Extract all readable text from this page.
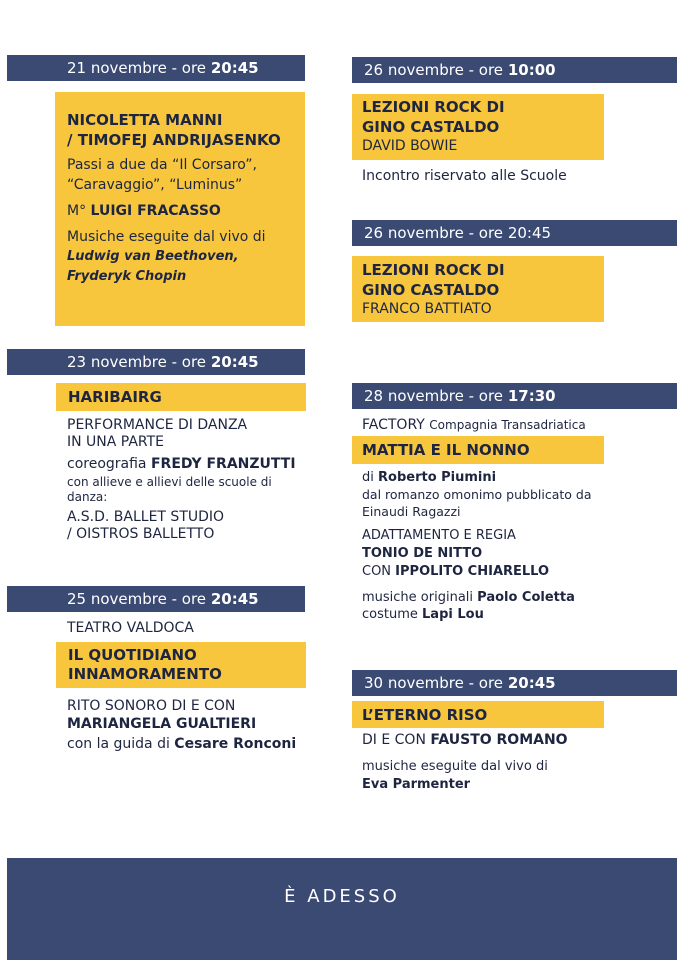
21 novembre - ore 20:45
NICOLETTA MANNI
/ TIMOFEJ ANDRIJASENKO
Passi a due da “Il Corsaro”,
“Caravaggio”, “Luminus”
M° LUIGI FRACASSO
Musiche eseguite dal vivo di
Ludwig van Beethoven,
Fryderyk Chopin
26 novembre - ore 10:00
LEZIONI ROCK DI
GINO CASTALDO
DAVID BOWIE
Incontro riservato alle Scuole
26 novembre - ore 20:45
LEZIONI ROCK DI
GINO CASTALDO
FRANCO BATTIATO
23 novembre - ore 20:45
HARIBAIRG
PERFORMANCE DI DANZA
IN UNA PARTE
coreografia FREDY FRANZUTTI
con allieve e allievi delle scuole di
danza:
A.S.D. BALLET STUDIO
/ OISTROS BALLETTO
28 novembre - ore 17:30
FACTORY Compagnia Transadriatica
MATTIA E IL NONNO
di Roberto Piumini
dal romanzo omonimo pubblicato da
Einaudi Ragazzi
ADATTAMENTO E REGIA
TONIO DE NITTO
CON IPPOLITO CHIARELLO
musiche originali Paolo Coletta
costume Lapi Lou
25 novembre - ore 20:45
TEATRO VALDOCA
IL QUOTIDIANO
INNAMORAMENTO
RITO SONORO DI E CON
MARIANGELA GUALTIERI
con la guida di Cesare Ronconi
30 novembre - ore 20:45
L’ETERNO RISO
DI E CON FAUSTO ROMANO
musiche eseguite dal vivo di
Eva Parmenter
È ADESSO
